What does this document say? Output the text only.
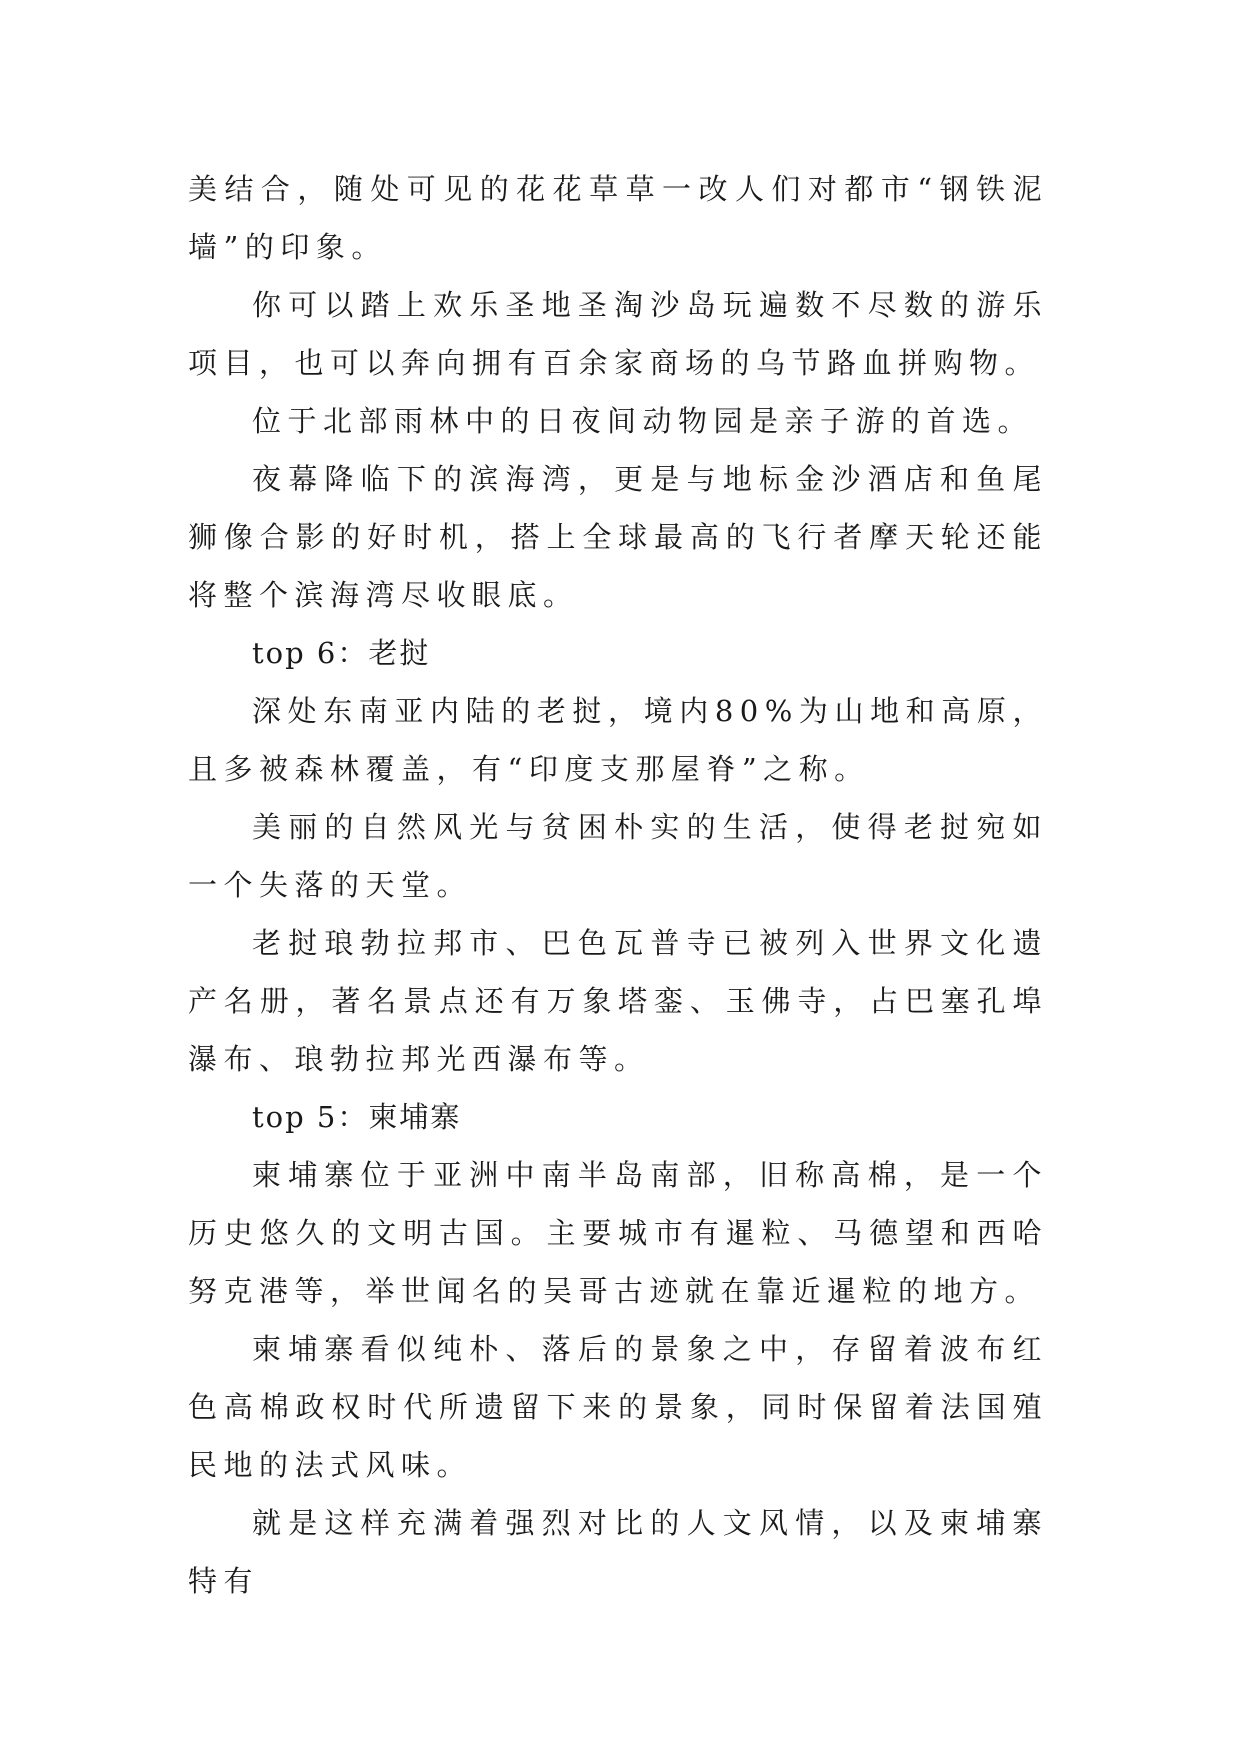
美结合，随处可见的花花草草一改人们对都市“钢铁泥墙”的印象。

你可以踏上欢乐圣地圣淘沙岛玩遍数不尽数的游乐项目，也可以奔向拥有百余家商场的乌节路血拼购物。

位于北部雨林中的日夜间动物园是亲子游的首选。

夜幕降临下的滨海湾，更是与地标金沙酒店和鱼尾狮像合影的好时机，搭上全球最高的飞行者摩天轮还能将整个滨海湾尽收眼底。

top 6：老挝

深处东南亚内陆的老挝，境内80%为山地和高原，且多被森林覆盖，有“印度支那屋脊”之称。

美丽的自然风光与贫困朴实的生活，使得老挝宛如一个失落的天堂。

老挝琅勃拉邦市、巴色瓦普寺已被列入世界文化遗产名册，著名景点还有万象塔銮、玉佛寺，占巴塞孔埠瀑布、琅勃拉邦光西瀑布等。

top 5：柬埔寨

柬埔寨位于亚洲中南半岛南部，旧称高棉，是一个历史悠久的文明古国。主要城市有暹粒、马德望和西哈努克港等，举世闻名的吴哥古迹就在靠近暹粒的地方。

柬埔寨看似纯朴、落后的景象之中，存留着波布红色高棉政权时代所遗留下来的景象，同时保留着法国殖民地的法式风味。

就是这样充满着强烈对比的人文风情，以及柬埔寨特有
